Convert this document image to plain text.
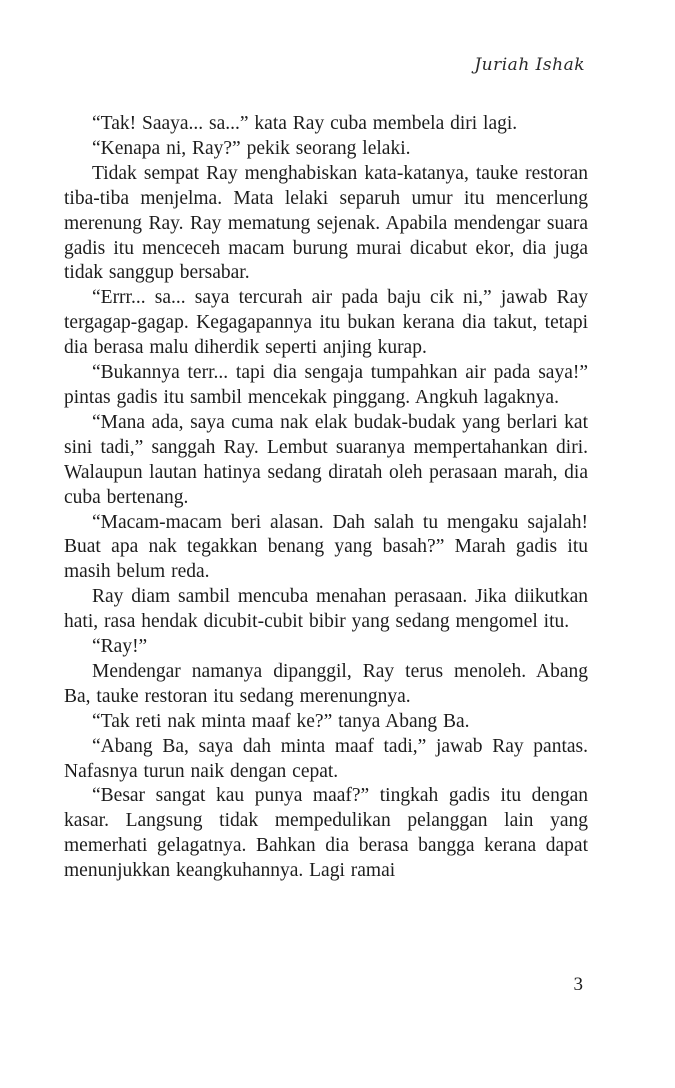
Juriah Ishak

“Tak! Saaya... sa...” kata Ray cuba membela diri lagi.

“Kenapa ni, Ray?” pekik seorang lelaki.

Tidak sempat Ray menghabiskan kata-katanya, tauke restoran tiba-tiba menjelma. Mata lelaki separuh umur itu mencerlung merenung Ray. Ray mematung sejenak. Apabila mendengar suara gadis itu menceceh macam burung murai dicabut ekor, dia juga tidak sanggup bersabar.

“Errr... sa... saya tercurah air pada baju cik ni,” jawab Ray tergagap-gagap. Kegagapannya itu bukan kerana dia takut, tetapi dia berasa malu diherdik seperti anjing kurap.

“Bukannya terr... tapi dia sengaja tumpahkan air pada saya!” pintas gadis itu sambil mencekak pinggang. Angkuh lagaknya.

“Mana ada, saya cuma nak elak budak-budak yang berlari kat sini tadi,” sanggah Ray. Lembut suaranya mempertahankan diri. Walaupun lautan hatinya sedang diratah oleh perasaan marah, dia cuba bertenang.

“Macam-macam beri alasan. Dah salah tu mengaku sajalah! Buat apa nak tegakkan benang yang basah?” Marah gadis itu masih belum reda.

Ray diam sambil mencuba menahan perasaan. Jika diikutkan hati, rasa hendak dicubit-cubit bibir yang sedang mengomel itu.

“Ray!”

Mendengar namanya dipanggil, Ray terus menoleh. Abang Ba, tauke restoran itu sedang merenungnya.

“Tak reti nak minta maaf ke?” tanya Abang Ba.

“Abang Ba, saya dah minta maaf tadi,” jawab Ray pantas. Nafasnya turun naik dengan cepat.

“Besar sangat kau punya maaf?” tingkah gadis itu dengan kasar. Langsung tidak mempedulikan pelanggan lain yang memerhati gelagatnya. Bahkan dia berasa bangga kerana dapat menunjukkan keangkuhannya. Lagi ramai

3
